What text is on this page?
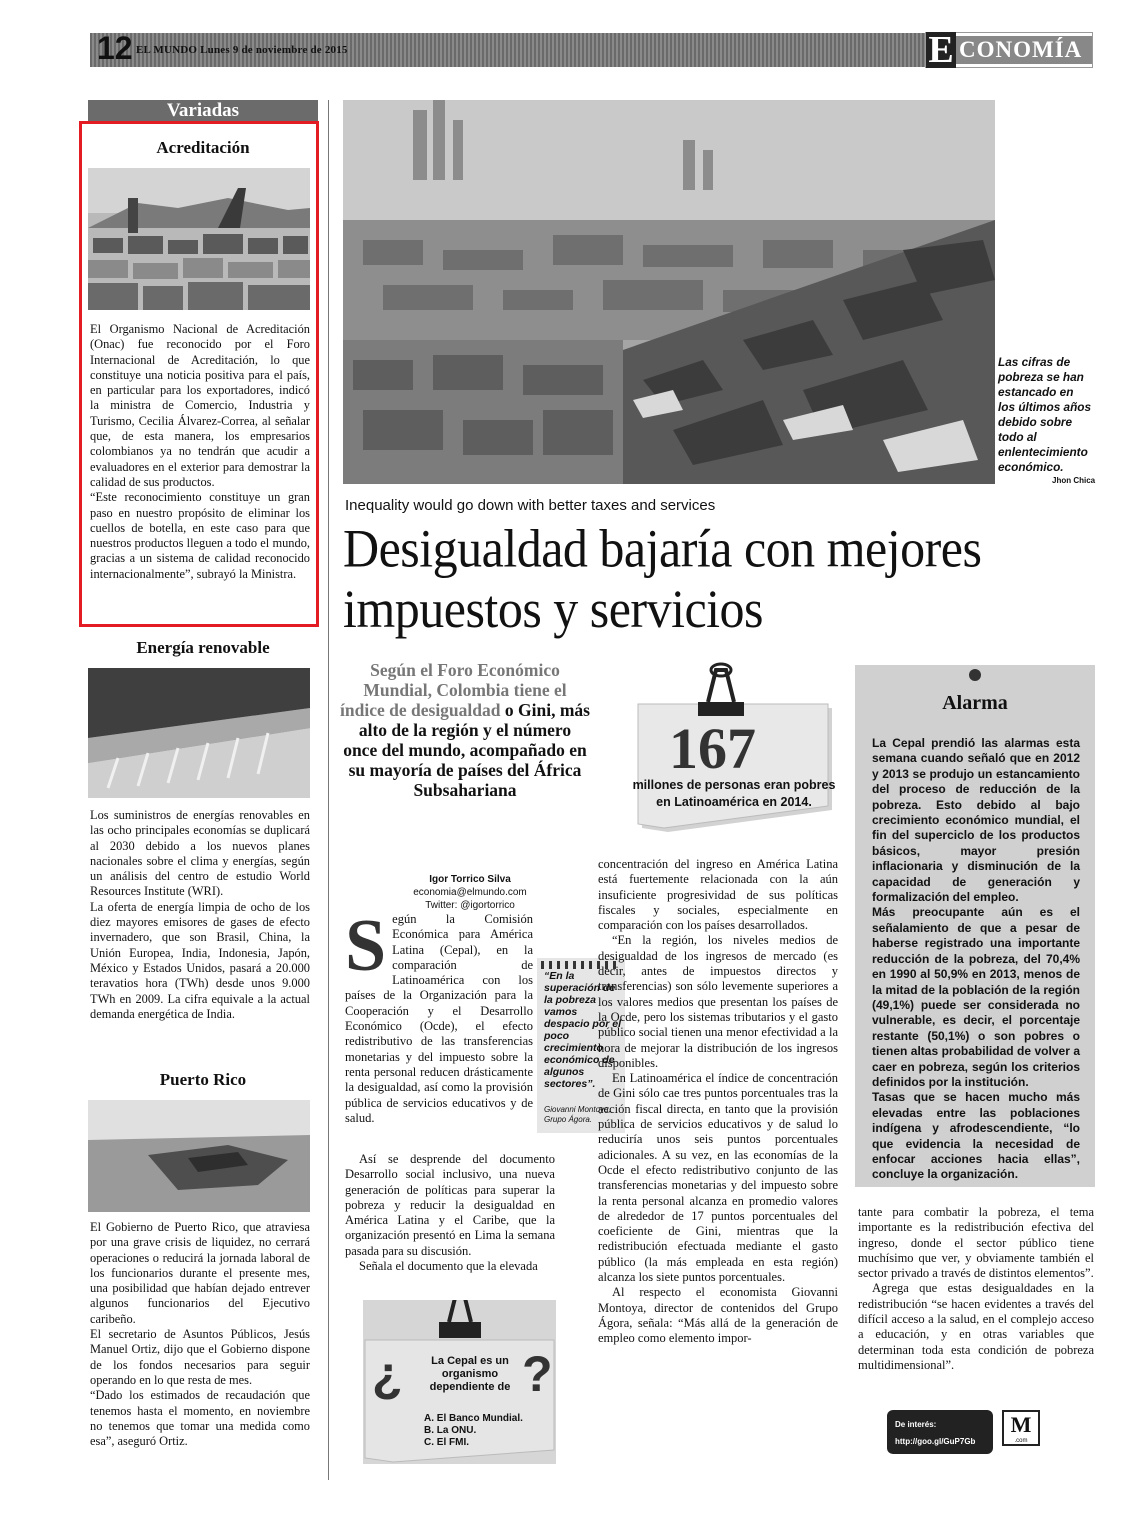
12 EL MUNDO Lunes 9 de noviembre de 2015	E CONOMÍA
Variadas
Acreditación

El Organismo Nacional de Acreditación (Onac) fue reconocido por el Foro Internacional de Acreditación, lo que constituye una noticia positiva para el país, en particular para los exportadores, indicó la ministra de Comercio, Industria y Turismo, Cecilia Álvarez-Correa, al señalar que, de esta manera, los empresarios colombianos ya no tendrán que acudir a evaluadores en el exterior para demostrar la calidad de sus productos.

“Este reconocimiento constituye un gran paso en nuestro propósito de eliminar los cuellos de botella, en este caso para que nuestros productos lleguen a todo el mundo, gracias a un sistema de calidad reconocido internacionalmente”, subrayó la Ministra.

Energía renovable

Los suministros de energías renovables en las ocho principales economías se duplicará al 2030 debido a los nuevos planes nacionales sobre el clima y energías, según un análisis del centro de estudio World Resources Institute (WRI).

La oferta de energía limpia de ocho de los diez mayores emisores de gases de efecto invernadero, que son Brasil, China, la Unión Europea, India, Indonesia, Japón, México y Estados Unidos, pasará a 20.000 teravatios hora (TWh) desde unos 9.000 TWh en 2009. La cifra equivale a la actual demanda energética de India.

Puerto Rico

El Gobierno de Puerto Rico, que atraviesa por una grave crisis de liquidez, no cerrará operaciones o reducirá la jornada laboral de los funcionarios durante el presente mes, una posibilidad que habían dejado entrever algunos funcionarios del Ejecutivo caribeño.

El secretario de Asuntos Públicos, Jesús Manuel Ortiz, dijo que el Gobierno dispone de los fondos necesarios para seguir operando en lo que resta de mes.

“Dado los estimados de recaudación que tenemos hasta el momento, en noviembre no tenemos que tomar una medida como esa”, aseguró Ortiz.

Las cifras de pobreza se han estancado en los últimos años debido sobre todo al enlentecimiento económico.
Jhon Chica
Inequality would go down with better taxes and services
Desigualdad bajaría con mejores impuestos y servicios
Según el Foro Económico Mundial, Colombia tiene el índice de desigualdad o Gini, más alto de la región y el número once del mundo, acompañado en su mayoría de países del África Subsahariana
167
millones de personas eran pobres en Latinoamérica en 2014.
Igor Torrico Silva
economia@elmundo.com
Twitter: @igortorrico
Según la Comisión Económica para América Latina (Cepal), en la comparación de Latinoamérica con los países de la Organización para la Cooperación y el Desarrollo Económico (Ocde), el efecto redistributivo de las transferencias monetarias y del impuesto sobre la renta personal reducen drásticamente la desigualdad, así como la provisión pública de servicios educativos y de salud.

Así se desprende del documento Desarrollo social inclusivo, una nueva generación de políticas para superar la pobreza y reducir la desigualdad en América Latina y el Caribe, que la organización presentó en Lima la semana pasada para su discusión.

Señala el documento que la elevada

“En la superación de la pobreza vamos despacio por el poco crecimiento económico de algunos sectores”.
Giovanni Montoya, Grupo Ágora.

concentración del ingreso en América Latina está fuertemente relacionada con la aún insuficiente progresividad de sus políticas fiscales y sociales, especialmente en comparación con los países desarrollados.

“En la región, los niveles medios de desigualdad de los ingresos de mercado (es decir, antes de impuestos directos y transferencias) son sólo levemente superiores a los valores medios que presentan los países de la Ocde, pero los sistemas tributarios y el gasto público social tienen una menor efectividad a la hora de mejorar la distribución de los ingresos disponibles.

En Latinoamérica el índice de concentración de Gini sólo cae tres puntos porcentuales tras la acción fiscal directa, en tanto que la provisión pública de servicios educativos y de salud lo reduciría unos seis puntos porcentuales adicionales. A su vez, en las economías de la Ocde el efecto redistributivo conjunto de las transferencias monetarias y del impuesto sobre la renta personal alcanza en promedio valores de alrededor de 17 puntos porcentuales del coeficiente de Gini, mientras que la redistribución efectuada mediante el gasto público (la más empleada en esta región) alcanza los siete puntos porcentuales.

Al respecto el economista Giovanni Montoya, director de contenidos del Grupo Ágora, señala: “Más allá de la generación de empleo como elemento impor-

Alarma

La Cepal prendió las alarmas esta semana cuando señaló que en 2012 y 2013 se produjo un estancamiento del proceso de reducción de la pobreza. Esto debido al bajo crecimiento económico mundial, el fin del superciclo de los productos básicos, mayor presión inflacionaria y disminución de la capacidad de generación y formalización del empleo.

Más preocupante aún es el señalamiento de que a pesar de haberse registrado una importante reducción de la pobreza, del 70,4% en 1990 al 50,9% en 2013, menos de la mitad de la población de la región (49,1%) puede ser considerada no vulnerable, es decir, el porcentaje restante (50,1%) o son pobres o tienen altas probabilidad de volver a caer en pobreza, según los criterios definidos por la institución.

Tasas que se hacen mucho más elevadas entre las poblaciones indígena y afrodescendiente, “lo que evidencia la necesidad de enfocar acciones hacia ellas”, concluye la organización.

tante para combatir la pobreza, el tema importante es la redistribución efectiva del ingreso, donde el sector público tiene muchísimo que ver, y obviamente también el sector privado a través de distintos elementos”.

Agrega que estas desigualdades en la redistribución “se hacen evidentes a través del difícil acceso a la salud, en el complejo acceso a educación, y en otras variables que determinan toda esta condición de pobreza multidimensional”.

¿ ?
La Cepal es un organismo dependiente de
A. El Banco Mundial.
B. La ONU.
C. El FMI.
De interés:
http://goo.gl/GuP7Gb
M
.com
